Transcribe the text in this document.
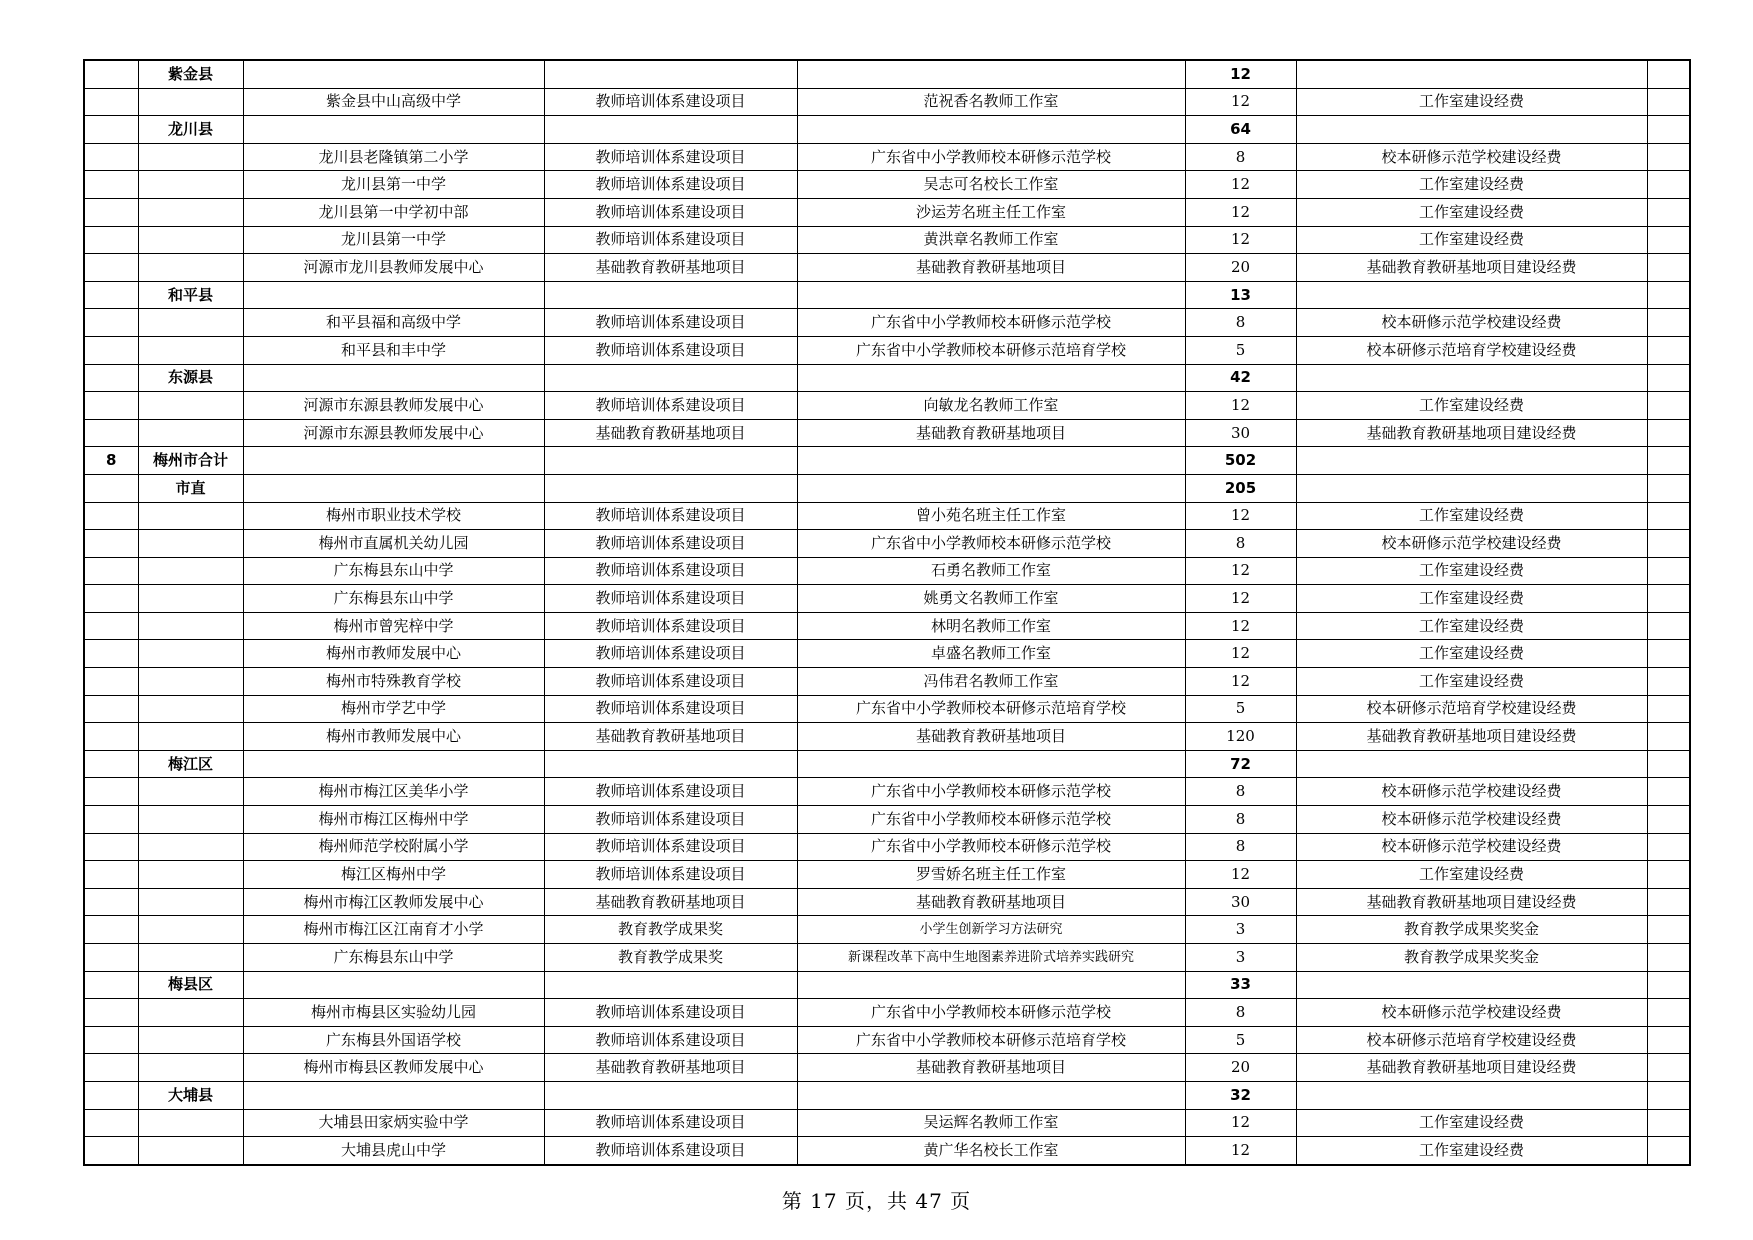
	紫金县				12		
		紫金县中山高级中学	教师培训体系建设项目	范祝香名教师工作室	12	工作室建设经费	
	龙川县				64		
		龙川县老隆镇第二小学	教师培训体系建设项目	广东省中小学教师校本研修示范学校	8	校本研修示范学校建设经费	
		龙川县第一中学	教师培训体系建设项目	吴志可名校长工作室	12	工作室建设经费	
		龙川县第一中学初中部	教师培训体系建设项目	沙运芳名班主任工作室	12	工作室建设经费	
		龙川县第一中学	教师培训体系建设项目	黄洪章名教师工作室	12	工作室建设经费	
		河源市龙川县教师发展中心	基础教育教研基地项目	基础教育教研基地项目	20	基础教育教研基地项目建设经费	
	和平县				13		
		和平县福和高级中学	教师培训体系建设项目	广东省中小学教师校本研修示范学校	8	校本研修示范学校建设经费	
		和平县和丰中学	教师培训体系建设项目	广东省中小学教师校本研修示范培育学校	5	校本研修示范培育学校建设经费	
	东源县				42		
		河源市东源县教师发展中心	教师培训体系建设项目	向敏龙名教师工作室	12	工作室建设经费	
		河源市东源县教师发展中心	基础教育教研基地项目	基础教育教研基地项目	30	基础教育教研基地项目建设经费	
8	梅州市合计				502		
	市直				205		
		梅州市职业技术学校	教师培训体系建设项目	曾小苑名班主任工作室	12	工作室建设经费	
		梅州市直属机关幼儿园	教师培训体系建设项目	广东省中小学教师校本研修示范学校	8	校本研修示范学校建设经费	
		广东梅县东山中学	教师培训体系建设项目	石勇名教师工作室	12	工作室建设经费	
		广东梅县东山中学	教师培训体系建设项目	姚勇文名教师工作室	12	工作室建设经费	
		梅州市曾宪梓中学	教师培训体系建设项目	林明名教师工作室	12	工作室建设经费	
		梅州市教师发展中心	教师培训体系建设项目	卓盛名教师工作室	12	工作室建设经费	
		梅州市特殊教育学校	教师培训体系建设项目	冯伟君名教师工作室	12	工作室建设经费	
		梅州市学艺中学	教师培训体系建设项目	广东省中小学教师校本研修示范培育学校	5	校本研修示范培育学校建设经费	
		梅州市教师发展中心	基础教育教研基地项目	基础教育教研基地项目	120	基础教育教研基地项目建设经费	
	梅江区				72		
		梅州市梅江区美华小学	教师培训体系建设项目	广东省中小学教师校本研修示范学校	8	校本研修示范学校建设经费	
		梅州市梅江区梅州中学	教师培训体系建设项目	广东省中小学教师校本研修示范学校	8	校本研修示范学校建设经费	
		梅州师范学校附属小学	教师培训体系建设项目	广东省中小学教师校本研修示范学校	8	校本研修示范学校建设经费	
		梅江区梅州中学	教师培训体系建设项目	罗雪娇名班主任工作室	12	工作室建设经费	
		梅州市梅江区教师发展中心	基础教育教研基地项目	基础教育教研基地项目	30	基础教育教研基地项目建设经费	
		梅州市梅江区江南育才小学	教育教学成果奖	小学生创新学习方法研究	3	教育教学成果奖奖金	
		广东梅县东山中学	教育教学成果奖	新课程改革下高中生地图素养进阶式培养实践研究	3	教育教学成果奖奖金	
	梅县区				33		
		梅州市梅县区实验幼儿园	教师培训体系建设项目	广东省中小学教师校本研修示范学校	8	校本研修示范学校建设经费	
		广东梅县外国语学校	教师培训体系建设项目	广东省中小学教师校本研修示范培育学校	5	校本研修示范培育学校建设经费	
		梅州市梅县区教师发展中心	基础教育教研基地项目	基础教育教研基地项目	20	基础教育教研基地项目建设经费	
	大埔县				32		
		大埔县田家炳实验中学	教师培训体系建设项目	吴运辉名教师工作室	12	工作室建设经费	
		大埔县虎山中学	教师培训体系建设项目	黄广华名校长工作室	12	工作室建设经费	
第 17 页，共 47 页
